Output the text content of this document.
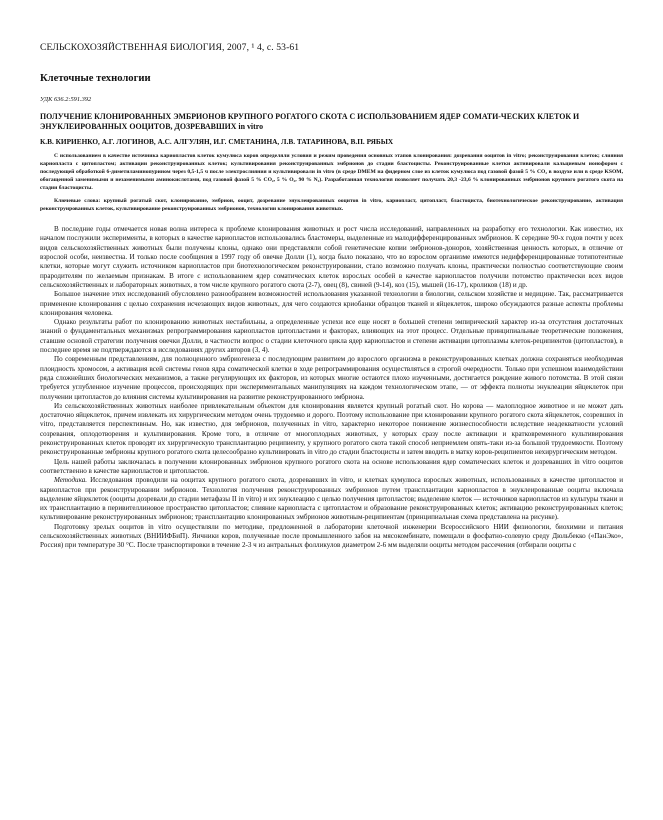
СЕЛЬСКОХОЗЯЙСТВЕННАЯ БИОЛОГИЯ, 2007, ¹ 4, с. 53-61

Клеточные технологии

УДК 636.2:591.392

ПОЛУЧЕНИЕ КЛОНИРОВАННЫХ ЭМБРИОНОВ КРУПНОГО РОГАТОГО СКОТА С ИСПОЛЬЗОВАНИЕМ ЯДЕР СОМАТИ-ЧЕСКИХ КЛЕТОК И ЭНУКЛЕИРОВАННЫХ ООЦИТОВ, ДОЗРЕВАВШИХ in vitro

К.В. КИРИЕНКО, А.Г. ЛОГИНОВ, А.С. АЛГУЛЯН, И.Г. СМЕТАНИНА, Л.В. ТАТАРИНОВА, В.П. РЯБЫХ

С использованием в качестве источника кариопластов клеток кумулюса коров определяли условия и режим проведения основных этапов клонирования: дозревания ооцитов in vitro; реконструирования клеток; слияния кариопласта с цитопластом; активации реконструированных клеток; культивирования реконструированных эмбрионов до стадии бластоцисты. Реконструированные клетки активировали кальциевым ионофором с последующей обработкой 6-диметиламинопурином через 0,5-1,5 ч после электрослияния и культивировали in vitro (в среде DMEM на фидерном слое из клеток кумулюса под газовой фазой 5 % CO₂ в воздухе или в среде KSOM, обогащенной заменимыми и незаменимыми аминокислотами, под газовой фазой 5 % CO₂, 5 % O₂, 90 % N₂). Разработанная технология позволяет получать 20,3 -23,6 % клонированных эмбрионов крупного рогатого скота на стадии бластоцисты.

Ключевые слова: крупный рогатый скот, клонирование, эмбрион, ооцит, дозревание энуклеированных ооцитов in vitro, кариопласт, цитопласт, бластоциста, биотехнологическое реконструирование, активация реконструированных клеток, культивирование реконструированных эмбрионов, технологии клонирования животных.

В последние годы отмечается новая волна интереса к проблеме клонирования животных и рост числа исследований, направленных на разработку его технологии. Как известно, их началом послужили эксперименты, в которых в качестве кариопластов использовались бластомеры, выделенные из малодифференцированных эмбрионов. К середине 90-х годов почти у всех видов сельскохозяйственных животных были получены клоны, однако они представляли собой генетические копии эмбрионов-доноров, хозяйственная ценность которых, в отличие от взрослой особи, неизвестна. И только после сообщения в 1997 году об овечке Долли (1), когда было показано, что во взрослом организме имеются недифференцированные тотипотентные клетки, которые могут служить источником кариопластов при биотехнологическом реконструировании, стало возможно получать клоны, практически полностью соответствующие своим прародителям по желаемым признакам. В итоге с использованием ядер соматических клеток взрослых особей в качестве кариопластов получили потомство практически всех видов сельскохозяйственных и лабораторных животных, в том числе крупного рогатого скота (2-7), овец (8), свиней (9-14), коз (15), мышей (16-17), кроликов (18) и др.

Большое значение этих исследований обусловлено разнообразием возможностей использования указанной технологии в биологии, сельском хозяйстве и медицине. Так, рассматривается применение клонирования с целью сохранения исчезающих видов животных, для чего создаются криобанки образцов тканей и яйцеклеток, широко обсуждаются разные аспекты проблемы клонирования человека.

Однако результаты работ по клонированию животных нестабильны, а определенные успехи все еще носят в большей степени эмпирический характер из-за отсутствия достаточных знаний о фундаментальных механизмах репрограммирования кариопластов цитопластами и факторах, влияющих на этот процесс. Отдельные принципиальные теоретические положения, ставшие основой стратегии получения овечки Долли, в частности вопрос о стадии клеточного цикла ядер кариопластов и степени активации цитоплазмы клеток-реципиентов (цитопластов), в последнее время не подтверждаются в исследованиях других авторов (3, 4).

По современным представлениям, для полноценного эмбриогенеза с последующим развитием до взрослого организма в реконструированных клетках должна сохраняться необходимая плоидность хромосом, а активация всей системы генов ядра соматической клетки в ходе репрограммирования осуществляться в строгой очередности. Только при успешном взаимодействии ряда сложнейших биологических механизмов, а также регулирующих их факторов, из которых многие остаются плохо изученными, достигается рождение живого потомства. В этой связи требуется углубленное изучение процессов, происходящих при экспериментальных манипуляциях на каждом технологическом этапе, — от эффекта полноты энуклеации яйцеклеток при получении цитопластов до влияния системы культивирования на развитие реконструированного эмбриона.

Из сельскохозяйственных животных наиболее привлекательным объектом для клонирования является крупный рогатый скот. Но корова — малоплодное животное и не может дать достаточно яйцеклеток, причем извлекать их хирургическим методом очень трудоемко и дорого. Поэтому использование при клонировании крупного рогатого скота яйцеклеток, созревших in vitro, представляется перспективным. Но, как известно, для эмбрионов, полученных in vitro, характерно некоторое понижение жизнеспособности вследствие неадекватности условий созревания, оплодотворения и культивирования. Кроме того, в отличие от многоплодных животных, у которых сразу после активации и кратковременного культивирования реконструированных клеток проводят их хирургическую трансплантацию реципиенту, у крупного рогатого скота такой способ неприемлем опять-таки из-за большой трудоемкости. Поэтому реконструированные эмбрионы крупного рогатого скота целесообразно культивировать in vitro до стадии бластоцисты и затем вводить в матку коров-реципиентов нехирургическим методом.

Цель нашей работы заключалась в получении клонированных эмбрионов крупного рогатого скота на основе использования ядер соматических клеток и дозревавших in vitro ооцитов соответственно в качестве кариопластов и цитопластов.

Методика. Исследования проводили на ооцитах крупного рогатого скота, дозревавших in vitro, и клетках кумулюса взрослых животных, использованных в качестве цитопластов и кариопластов при реконструировании эмбрионов. Технология получения реконструированных эмбрионов путем трансплантации кариопластов в энуклеированные ооциты включала выделение яйцеклеток (ооциты дозревали до стадии метафазы II in vitro) и их энуклеацию с целью получения цитопластов; выделение клеток — источников кариопластов из культуры ткани и их трансплантацию в перивителлиновое пространство цитопластов; слияние кариопласта с цитопластом и образование реконструированных клеток; активацию реконструированных клеток; культивирование реконструированных эмбрионов; трансплантацию клонированных эмбрионов животным-реципиентам (принципиальная схема представлена на рисунке).

Подготовку зрелых ооцитов in vitro осуществляли по методике, предложенной в лаборатории клеточной инженерии Всероссийского НИИ физиологии, биохимии и питания сельскохозяйственных животных (ВНИИФБиП). Яичники коров, полученные после промышленного забоя на мясокомбинате, помещали в фосфатно-солевую среду Дюльбекко («ПанЭко», Россия) при температуре 30 °С. После транспортировки в течение 2-3 ч из антральных фолликулов диаметром 2-6 мм выделяли ооциты методом рассечения (отбирали ооциты с
